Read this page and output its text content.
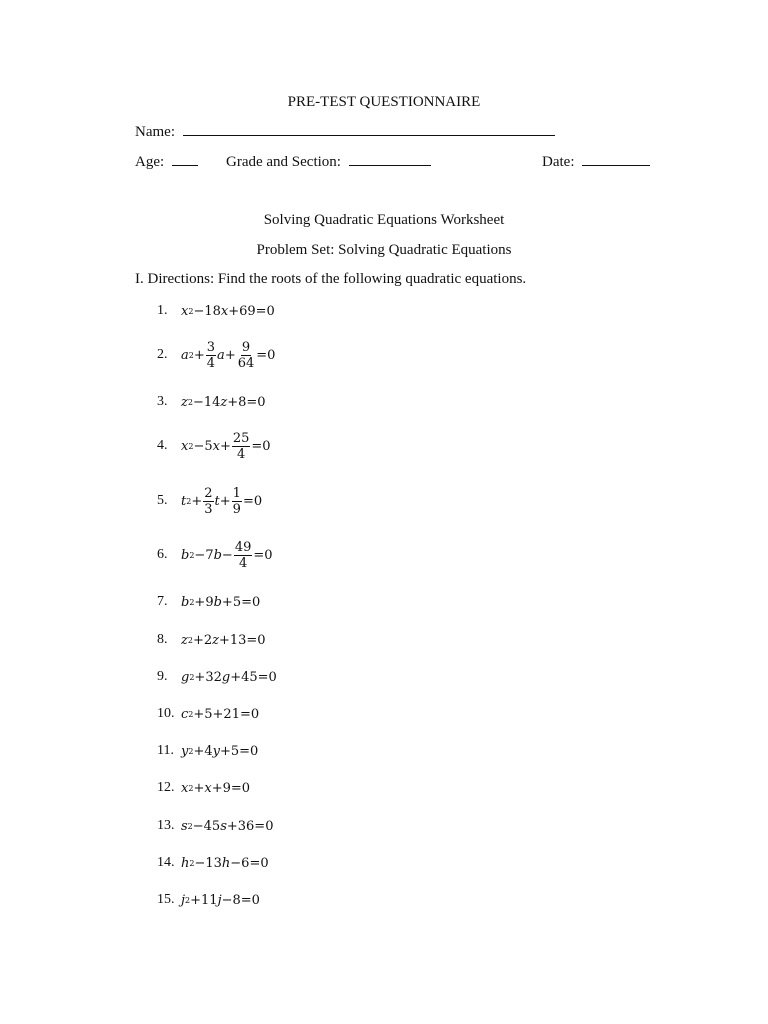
PRE-TEST QUESTIONNAIRE
Name:
Age:	Grade and Section:	Date:
Solving Quadratic Equations Worksheet
Problem Set: Solving Quadratic Equations
I. Directions: Find the roots of the following quadratic equations.
1.	x 2 −18 x +69=0
2.	a $2 + \frac{3}{4}$ $a + \frac{9}{64} =0$
3.	z 2 −14 z +8=0
4.	x 2 −5 $x + \frac{25}{4} =0$
5.	t $2 + \frac{2}{3}$ $t + \frac{1}{9} =0$
6.	b 2 −7 $b - \frac{49}{4} =0$
7.	b 2 +9 b +5=0
8.	z 2 +2 z +13=0
9.	g 2 +32 g +45=0
10. c 2 +5+21=0
11. y 2 +4 y +5=0
12. x 2 + x +9=0
13. s 2 −45 s +36=0
14. h 2 −13 h −6=0
15. j 2 +11 j −8=0
